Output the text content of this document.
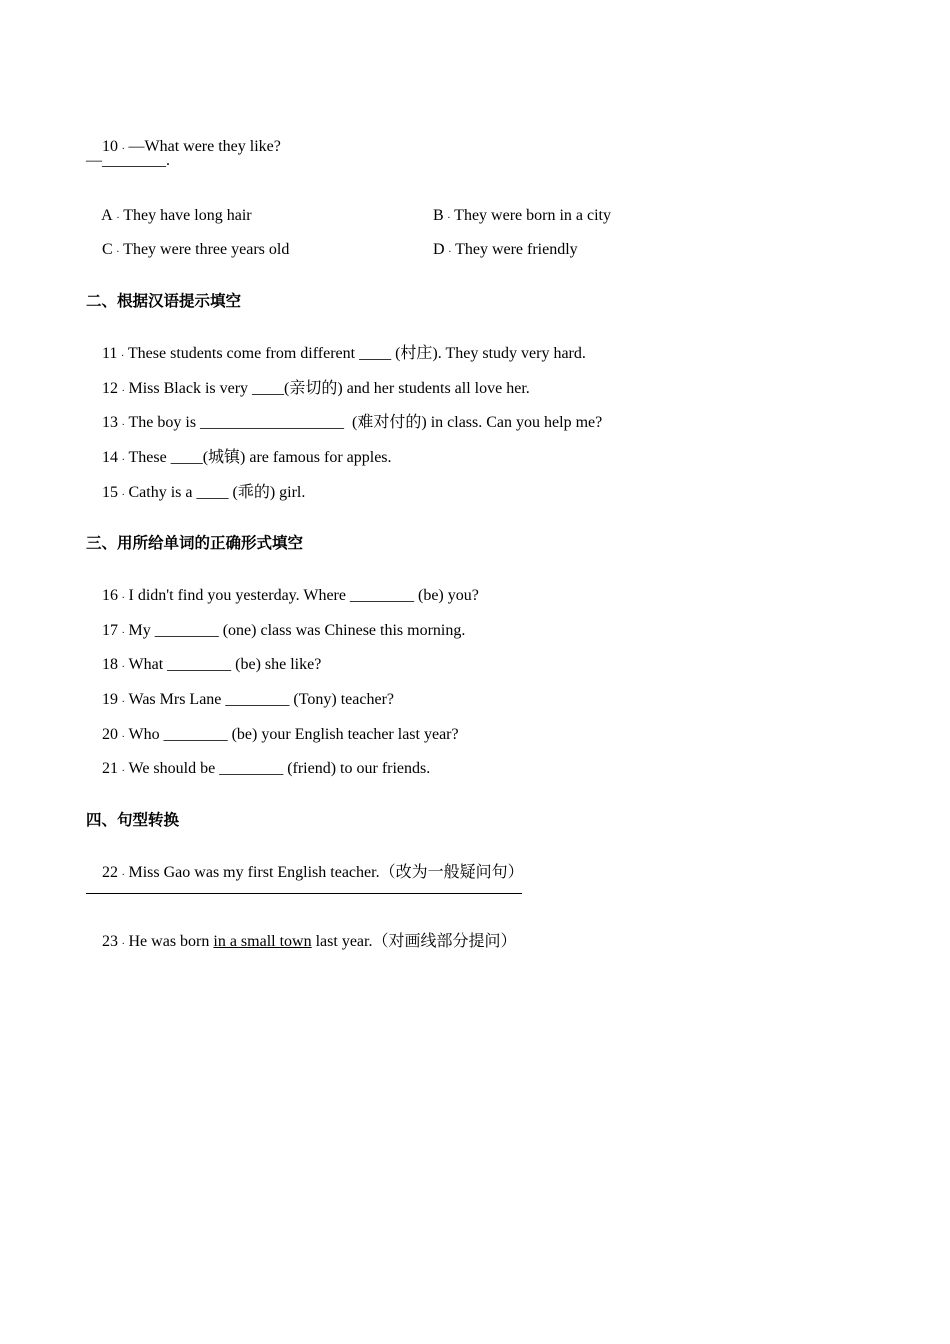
10 . —What were they like?

—________.

A . They have long hair
	B . They were born in a city

C . They were three years old
	D . They were friendly

二、根据汉语提示填空

11 . These students come from different ____ (村庄). They study very hard.

12 . Miss Black is very ____(亲切的) and her students all love her.

13 . The boy is __________________  (难对付的) in class. Can you help me?

14 . These ____(城镇) are famous for apples.

15 . Cathy is a ____ (乖的) girl.

三、用所给单词的正确形式填空

16 . I didn't find you yesterday. Where ________ (be) you?

17 . My ________ (one) class was Chinese this morning.

18 . What ________ (be) she like?

19 . Was Mrs Lane ________ (Tony) teacher?

20 . Who ________ (be) your English teacher last year?

21 . We should be ________ (friend) to our friends.

四、句型转换

22 . Miss Gao was my first English teacher.（改为一般疑问句）

23 . He was born in a small town last year.（对画线部分提问）
